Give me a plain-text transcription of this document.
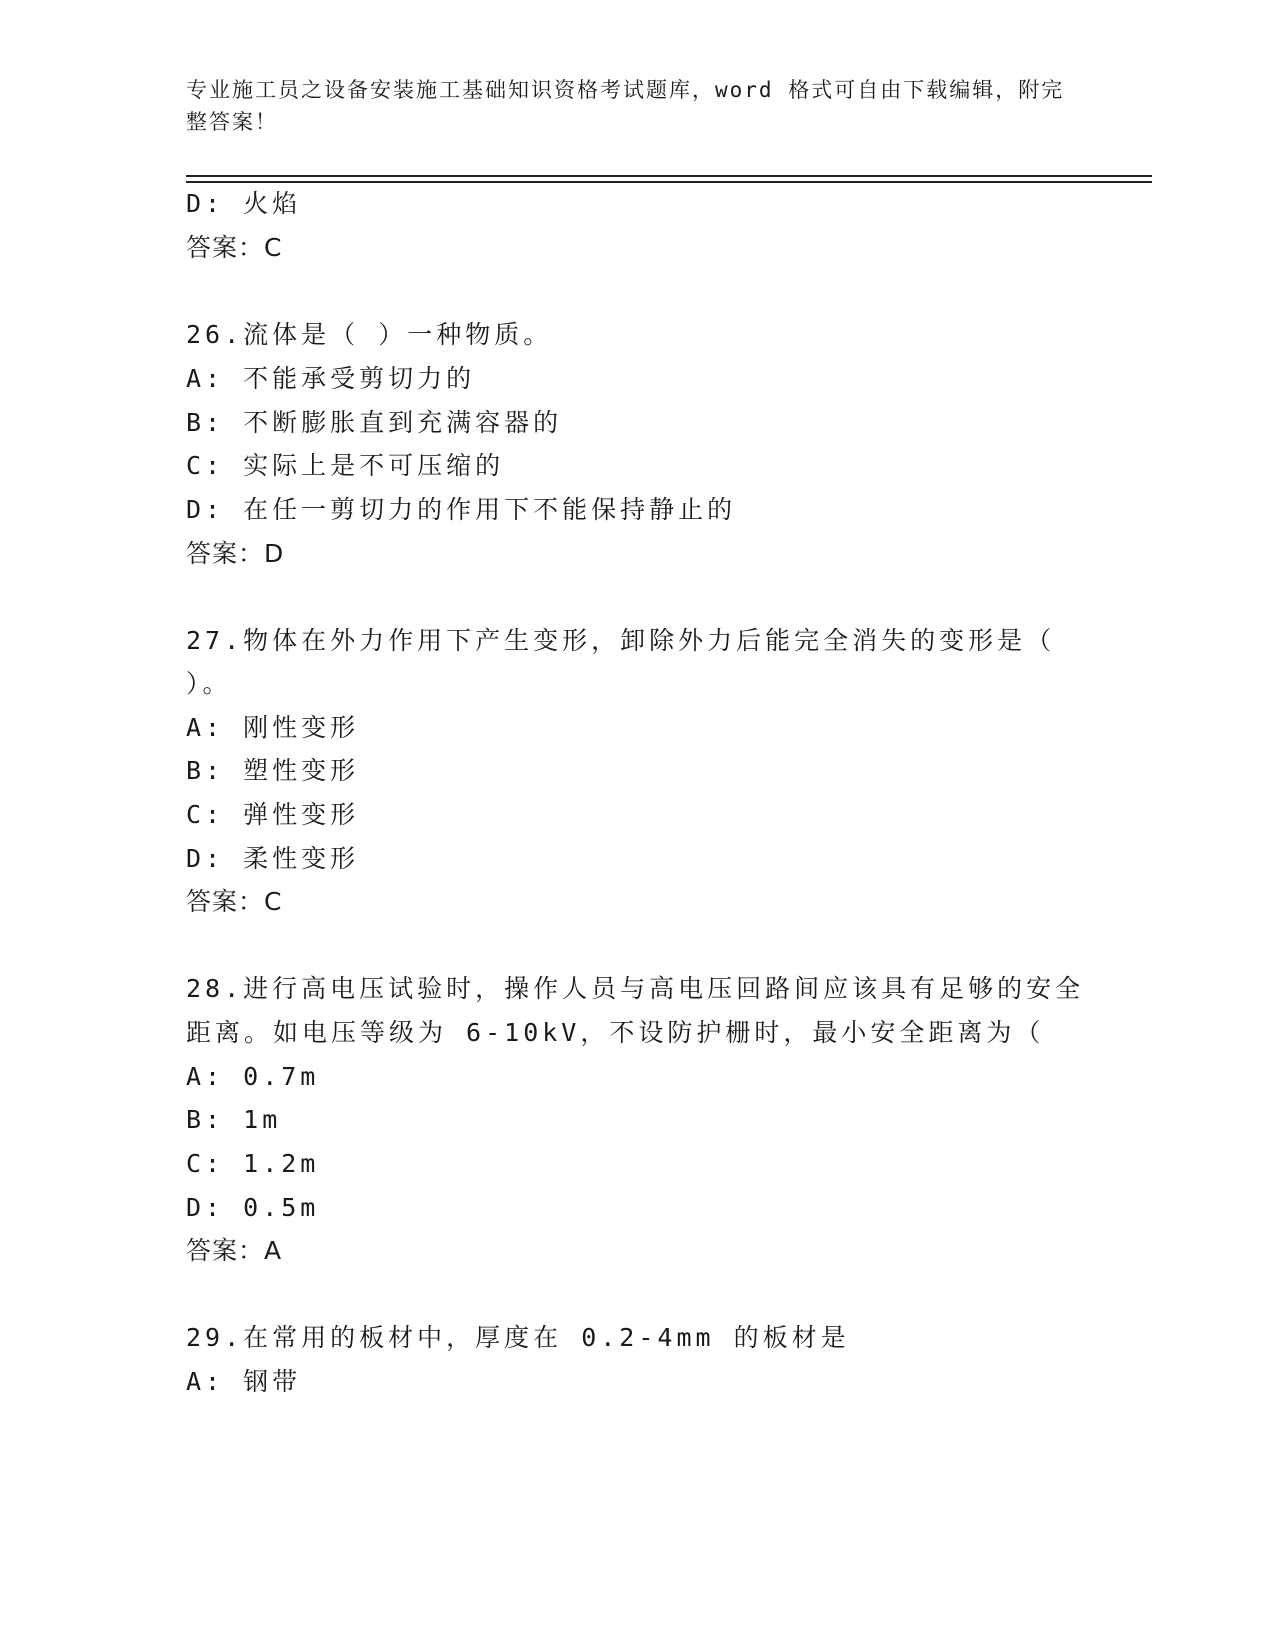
专业施工员之设备安装施工基础知识资格考试题库，word 格式可自由下载编辑，附完整答案！
D: 火焰
答案：C
26.流体是（ ）一种物质。
A: 不能承受剪切力的
B: 不断膨胀直到充满容器的
C: 实际上是不可压缩的
D: 在任一剪切力的作用下不能保持静止的
答案：D
27.物体在外力作用下产生变形，卸除外力后能完全消失的变形是（
）。
A: 刚性变形
B: 塑性变形
C: 弹性变形
D: 柔性变形
答案：C
28.进行高电压试验时，操作人员与高电压回路间应该具有足够的安全
距离。如电压等级为 6-10kV，不设防护栅时，最小安全距离为（
A: 0.7m
B: 1m
C: 1.2m
D: 0.5m
答案：A
29.在常用的板材中，厚度在 0.2-4mm 的板材是
A: 钢带
